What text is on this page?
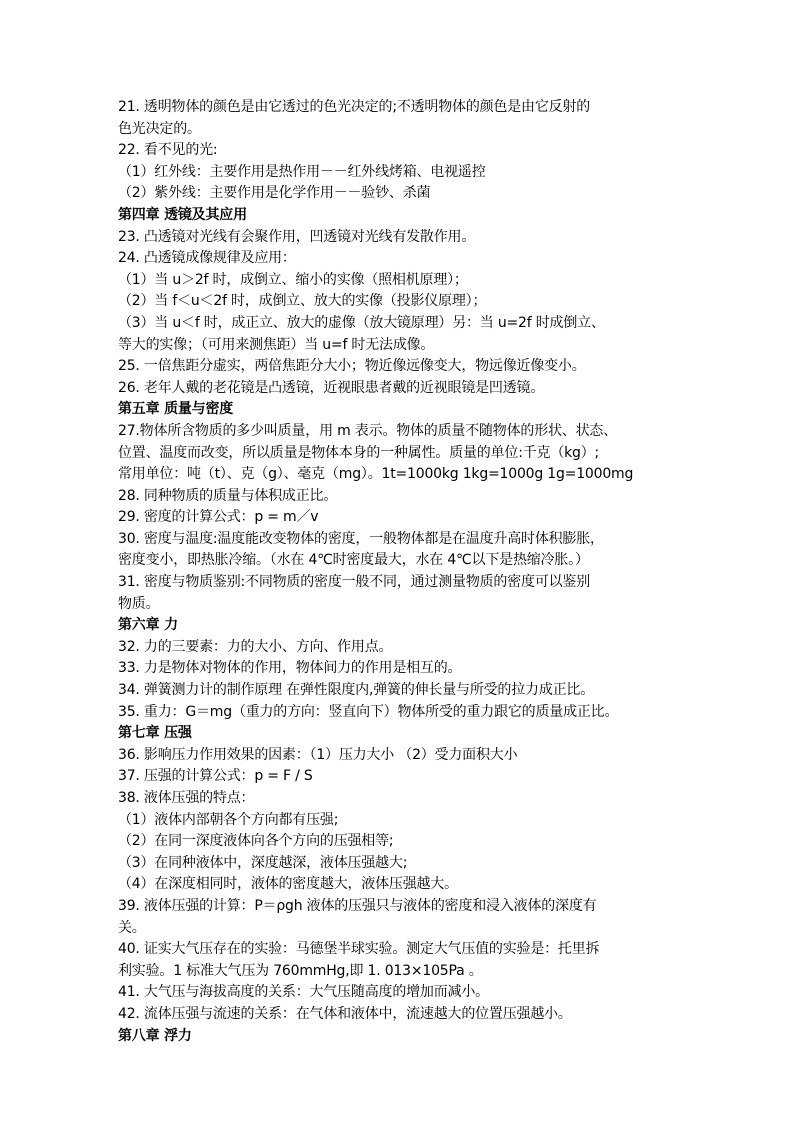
21. 透明物体的颜色是由它透过的色光决定的;不透明物体的颜色是由它反射的
色光决定的。
22. 看不见的光:
（1）红外线：主要作用是热作用－－红外线烤箱、电视遥控
（2）紫外线：主要作用是化学作用－－验钞、杀菌
第四章 透镜及其应用
23. 凸透镜对光线有会聚作用，凹透镜对光线有发散作用。
24. 凸透镜成像规律及应用：
（1）当 u＞2f 时，成倒立、缩小的实像（照相机原理）；
（2）当 f＜u＜2f 时，成倒立、放大的实像（投影仪原理）；
（3）当 u＜f 时，成正立、放大的虚像（放大镜原理）另：当 u=2f 时成倒立、
等大的实像；（可用来测焦距）当 u=f 时无法成像。
25. 一倍焦距分虚实，两倍焦距分大小；物近像远像变大，物远像近像变小。
26. 老年人戴的老花镜是凸透镜，近视眼患者戴的近视眼镜是凹透镜。
第五章 质量与密度
27.物体所含物质的多少叫质量，用 m 表示。物体的质量不随物体的形状、状态、
位置、温度而改变，所以质量是物体本身的一种属性。质量的单位:千克（kg）;
常用单位：吨（t）、克（g）、毫克（mg）。1t=1000kg 1kg=1000g 1g=1000mg
28. 同种物质的质量与体积成正比。
29. 密度的计算公式：p = m／v
30. 密度与温度:温度能改变物体的密度，一般物体都是在温度升高时体积膨胀，
密度变小，即热胀冷缩。（水在 4℃时密度最大，水在 4℃以下是热缩冷胀。）
31. 密度与物质鉴别:不同物质的密度一般不同，通过测量物质的密度可以鉴别
物质。
第六章 力
32. 力的三要素：力的大小、方向、作用点。
33. 力是物体对物体的作用，物体间力的作用是相互的。
34. 弹簧测力计的制作原理 在弹性限度内,弹簧的伸长量与所受的拉力成正比。
35. 重力：G＝mg（重力的方向：竖直向下）物体所受的重力跟它的质量成正比。
第七章 压强
36. 影响压力作用效果的因素：（1）压力大小 （2）受力面积大小
37. 压强的计算公式：p = F / S
38. 液体压强的特点：
（1）液体内部朝各个方向都有压强;
（2）在同一深度液体向各个方向的压强相等;
（3）在同种液体中，深度越深，液体压强越大;
（4）在深度相同时，液体的密度越大，液体压强越大。
39. 液体压强的计算：P＝ρgh 液体的压强只与液体的密度和浸入液体的深度有
关。
40. 证实大气压存在的实验：马德堡半球实验。测定大气压值的实验是：托里拆
利实验。1 标准大气压为 760mmHg,即 1. 013×105Pa 。
41. 大气压与海拔高度的关系：大气压随高度的增加而减小。
42. 流体压强与流速的关系：在气体和液体中，流速越大的位置压强越小。
第八章 浮力
